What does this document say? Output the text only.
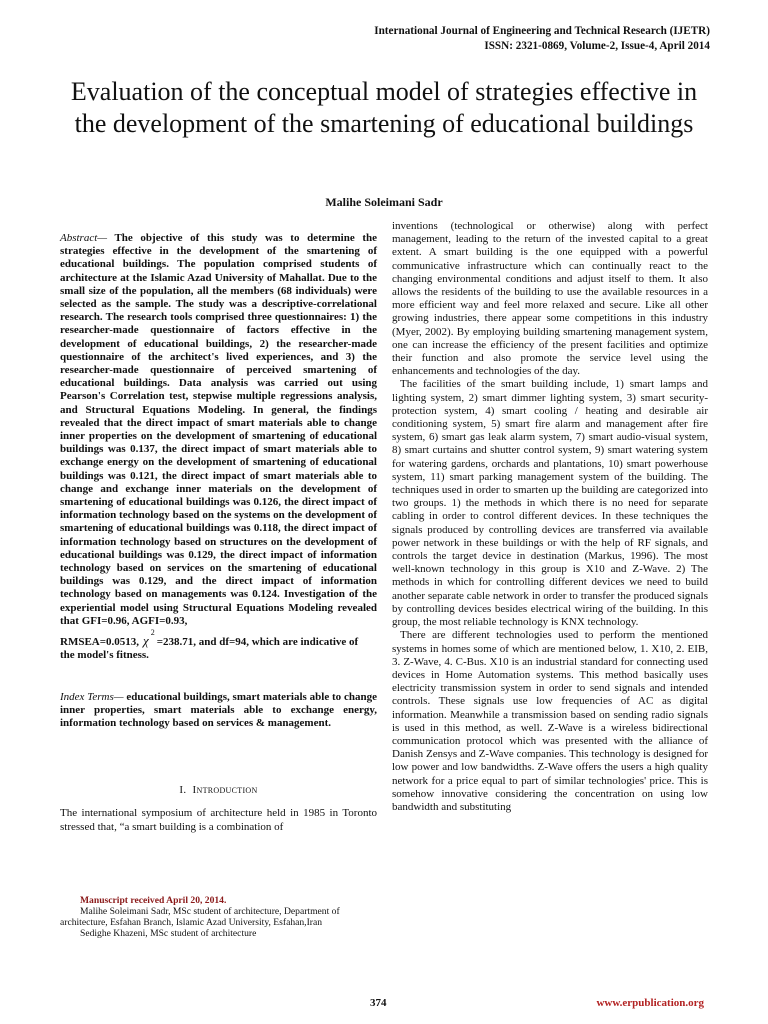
International Journal of Engineering and Technical Research (IJETR)
ISSN: 2321-0869, Volume-2, Issue-4, April 2014
Evaluation of the conceptual model of strategies effective in the development of the smartening of educational buildings
Malihe Soleimani Sadr

Abstract— The objective of this study was to determine the strategies effective in the development of the smartening of educational buildings. The population comprised students of architecture at the Islamic Azad University of Mahallat. Due to the small size of the population, all the members (68 individuals) were selected as the sample. The study was a descriptive-correlational research. The research tools comprised three questionnaires: 1) the researcher-made questionnaire of factors effective in the development of educational buildings, 2) the researcher-made questionnaire of the architect's lived experiences, and 3) the researcher-made questionnaire of perceived smartening of educational buildings. Data analysis was carried out using Pearson's Correlation test, stepwise multiple regressions analysis, and Structural Equations Modeling. In general, the findings revealed that the direct impact of smart materials able to change inner properties on the development of smartening of educational buildings was 0.137, the direct impact of smart materials able to exchange energy on the development of smartening of educational buildings was 0.121, the direct impact of smart materials able to change and exchange inner materials on the development of smartening of educational buildings was 0.126, the direct impact of information technology based on the systems on the development of smartening of educational buildings was 0.118, the direct impact of information technology based on structures on the development of educational buildings was 0.129, the direct impact of information technology based on services on the smartening of educational buildings was 0.129, and the direct impact of information technology based on managements was 0.124. Investigation of the experiential model using Structural Equations Modeling revealed that GFI=0.96, AGFI=0.93,

RMSEA=0.0513, χ
2
=238.71, and df=94, which are indicative of
the model's fitness.

Index Terms— educational buildings, smart materials able to change inner properties, smart materials able to exchange energy, information technology based on services & management.

I. Introduction

The international symposium of architecture held in 1985 in Toronto stressed that, “a smart building is a combination of

Manuscript received April 20, 2014.

Malihe Soleimani Sadr, MSc student of architecture, Department of architecture, Esfahan Branch, Islamic Azad University, Esfahan,Iran

Sedighe Khazeni, MSc student of architecture

inventions (technological or otherwise) along with perfect management, leading to the return of the invested capital to a great extent. A smart building is the one equipped with a powerful communicative infrastructure which can continually react to the changing environmental conditions and adjust itself to them. It also allows the residents of the building to use the available resources in a more efficient way and feel more relaxed and secure. Like all other growing industries, there appear some competitions in this industry (Myer, 2002). By employing building smartening management system, one can increase the efficiency of the present facilities and optimize their function and also promote the service level using the enhancements and technologies of the day.

The facilities of the smart building include, 1) smart lamps and lighting system, 2) smart dimmer lighting system, 3) smart security- protection system, 4) smart cooling / heating and desirable air conditioning system, 5) smart fire alarm and management after fire system, 6) smart gas leak alarm system, 7) smart audio-visual system, 8) smart curtains and shutter control system, 9) smart watering system for watering gardens, orchards and plantations, 10) smart powerhouse system, 11) smart parking management system of the building. The techniques used in order to smarten up the building are categorized into two groups. 1) the methods in which there is no need for separate cabling in order to control different devices. In these techniques the signals produced by controlling devices are transferred via available power network in these buildings or with the help of RF signals, and controls the target device in destination (Markus, 1996). The most well-known technology in this group is X10 and Z-Wave. 2) The methods in which for controlling different devices we need to build another separate cable network in order to transfer the produced signals by controlling devices besides electrical wiring of the building. In this group, the most reliable technology is KNX technology.

There are different technologies used to perform the mentioned systems in homes some of which are mentioned below, 1. X10, 2. EIB, 3. Z-Wave, 4. C-Bus. X10 is an industrial standard for connecting used devices in Home Automation systems. This method basically uses electricity transmission system in order to send signals and intended controls. These signals use low frequencies of AC as digital information. Meanwhile a transmission based on sending radio signals is used in this method, as well. Z-Wave is a wireless bidirectional communication protocol which was presented with the alliance of Danish Zensys and Z-Wave companies. This technology is designed for low power and low bandwidths. Z-Wave offers the users a high quality network for a price equal to part of similar technologies' price. This is somehow innovative considering the concentration on using low bandwidth and substituting

374	www.erpublication.org
